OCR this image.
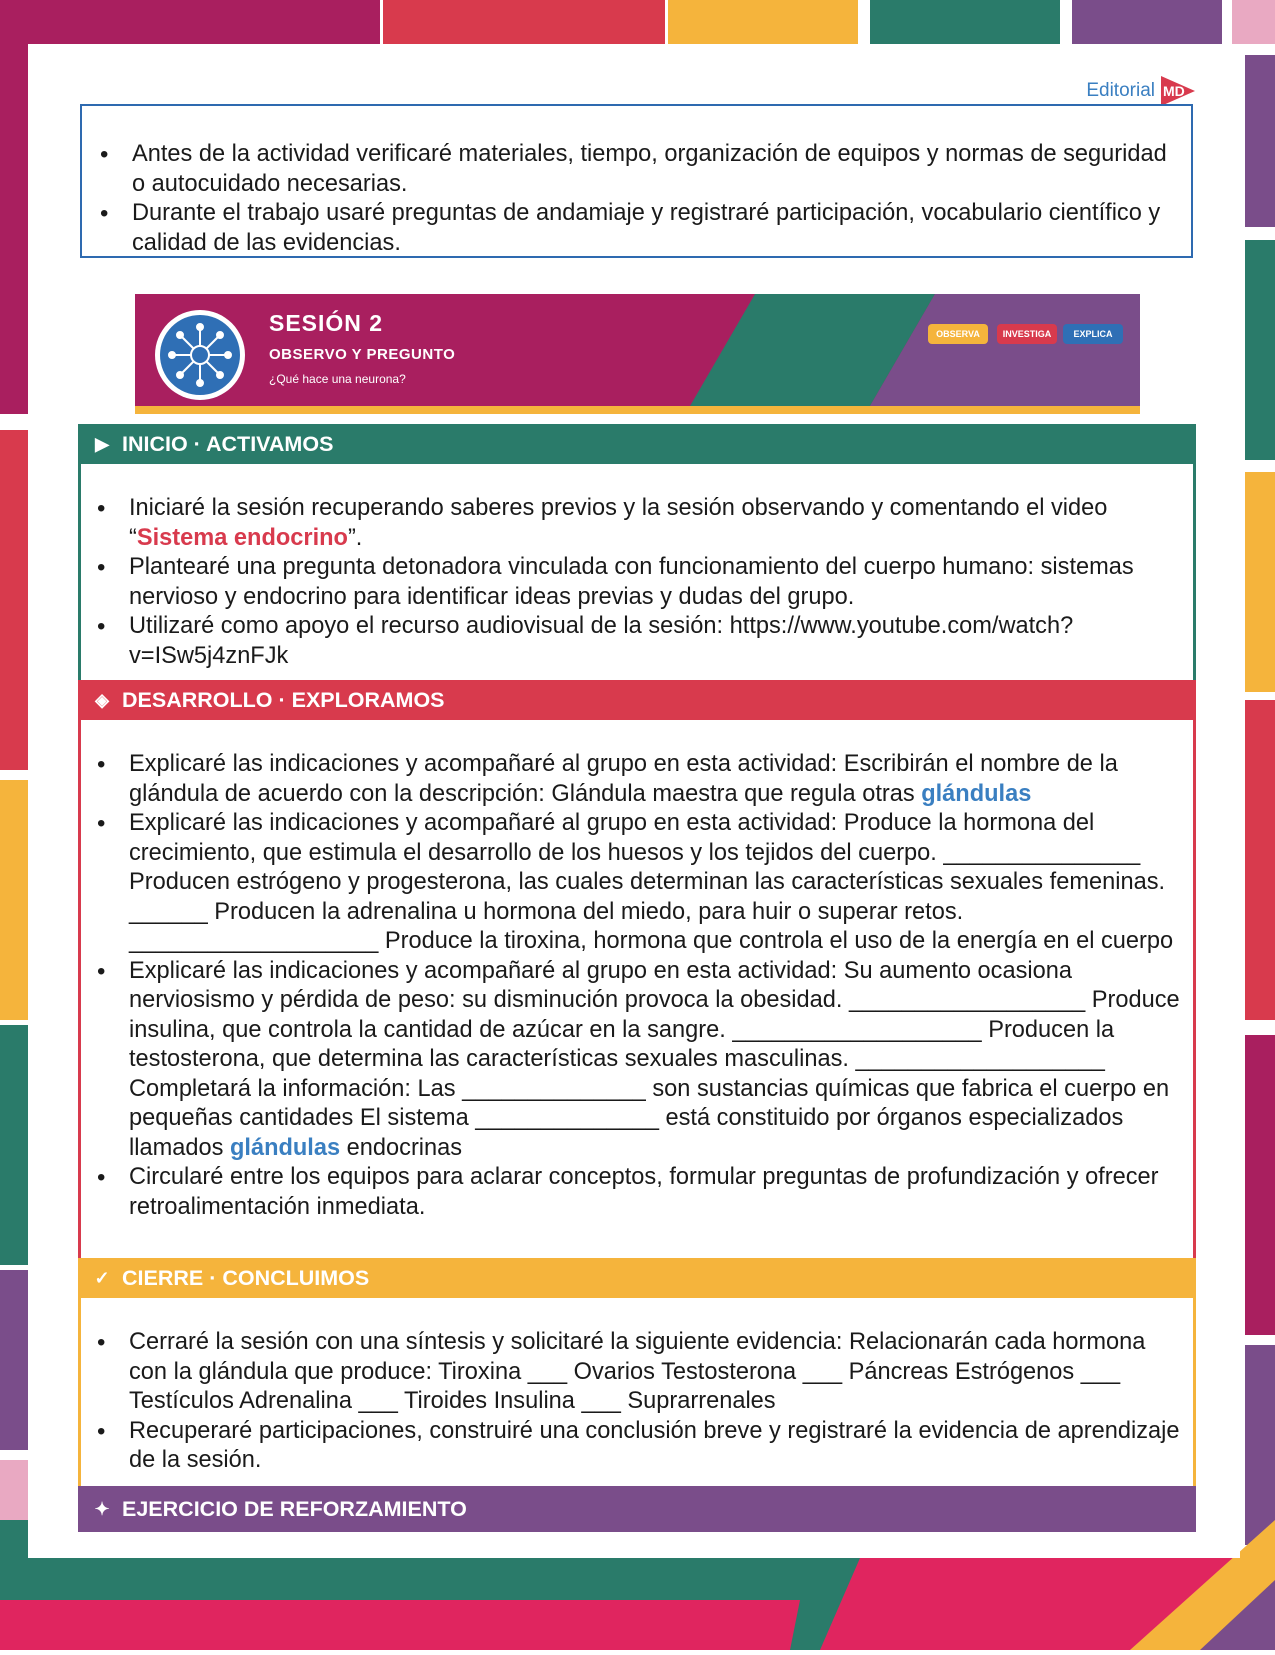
Editorial MD
• Antes de la actividad verificaré materiales, tiempo, organización de equipos y normas de seguridad o autocuidado necesarias.
• Durante el trabajo usaré preguntas de andamiaje y registraré participación, vocabulario científico y calidad de las evidencias.
SESIÓN 2
OBSERVO Y PREGUNTO
¿Qué hace una neurona?
OBSERVA	INVESTIGA	EXPLICA
▶ INICIO · ACTIVAMOS
• Iniciaré la sesión recuperando saberes previos y la sesión observando y comentando el video “Sistema endocrino”.
• Plantearé una pregunta detonadora vinculada con funcionamiento del cuerpo humano: sistemas nervioso y endocrino para identificar ideas previas y dudas del grupo.
• Utilizaré como apoyo el recurso audiovisual de la sesión: https://www.youtube.com/watch?v=ISw5j4znFJk
◈ DESARROLLO · EXPLORAMOS
• Explicaré las indicaciones y acompañaré al grupo en esta actividad: Escribirán el nombre de la glándula de acuerdo con la descripción: Glándula maestra que regula otras glándulas
• Explicaré las indicaciones y acompañaré al grupo en esta actividad: Produce la hormona del crecimiento, que estimula el desarrollo de los huesos y los tejidos del cuerpo. _______________ Producen estrógeno y progesterona, las cuales determinan las características sexuales femeninas. ______ Producen la adrenalina u hormona del miedo, para huir o superar retos. ___________________ Produce la tiroxina, hormona que controla el uso de la energía en el cuerpo
• Explicaré las indicaciones y acompañaré al grupo en esta actividad: Su aumento ocasiona nerviosismo y pérdida de peso: su disminución provoca la obesidad. __________________ Produce insulina, que controla la cantidad de azúcar en la sangre. ___________________ Producen la testosterona, que determina las características sexuales masculinas. ___________________ Completará la información: Las ______________ son sustancias químicas que fabrica el cuerpo en pequeñas cantidades El sistema ______________ está constituido por órganos especializados llamados glándulas endocrinas
• Circularé entre los equipos para aclarar conceptos, formular preguntas de profundización y ofrecer retroalimentación inmediata.
✓ CIERRE · CONCLUIMOS
• Cerraré la sesión con una síntesis y solicitaré la siguiente evidencia: Relacionarán cada hormona con la glándula que produce: Tiroxina ___ Ovarios Testosterona ___ Páncreas Estrógenos ___ Testículos Adrenalina ___ Tiroides Insulina ___ Suprarrenales
• Recuperaré participaciones, construiré una conclusión breve y registraré la evidencia de aprendizaje de la sesión.
✦ EJERCICIO DE REFORZAMIENTO
